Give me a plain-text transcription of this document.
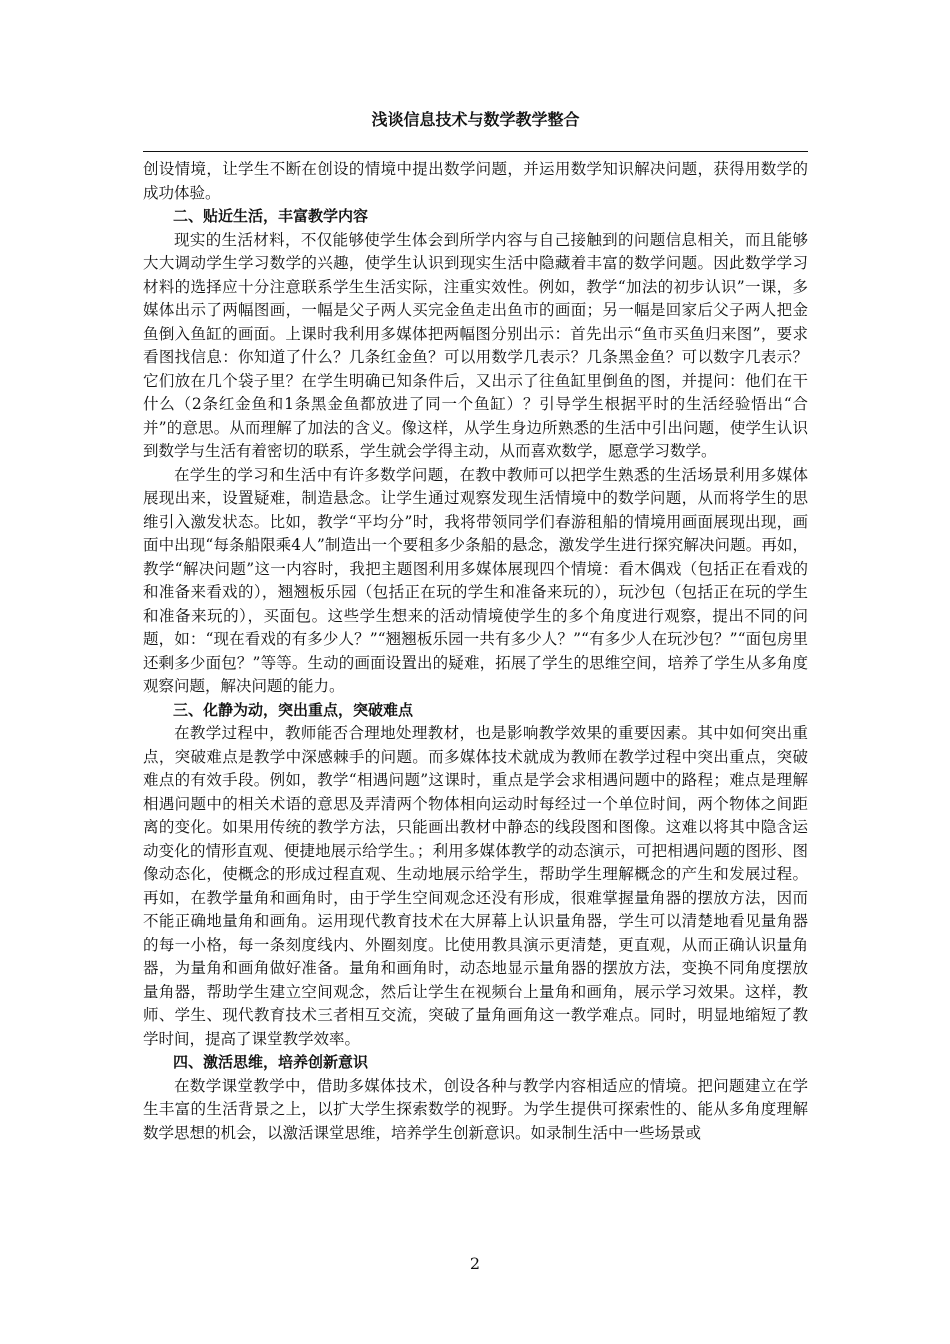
浅谈信息技术与数学教学整合

创设情境，让学生不断在创设的情境中提出数学问题，并运用数学知识解决问题，获得用数学的成功体验。

二、贴近生活，丰富教学内容

现实的生活材料，不仅能够使学生体会到所学内容与自己接触到的问题信息相关，而且能够大大调动学生学习数学的兴趣，使学生认识到现实生活中隐藏着丰富的数学问题。因此数学学习材料的选择应十分注意联系学生生活实际，注重实效性。例如，教学“加法的初步认识”一课，多媒体出示了两幅图画，一幅是父子两人买完金鱼走出鱼市的画面；另一幅是回家后父子两人把金鱼倒入鱼缸的画面。上课时我利用多媒体把两幅图分别出示：首先出示“鱼市买鱼归来图”，要求看图找信息：你知道了什么？几条红金鱼？可以用数学几表示？几条黑金鱼？可以数字几表示？它们放在几个袋子里？在学生明确已知条件后，又出示了往鱼缸里倒鱼的图，并提问：他们在干什么（2条红金鱼和1条黑金鱼都放进了同一个鱼缸）？引导学生根据平时的生活经验悟出“合并”的意思。从而理解了加法的含义。像这样，从学生身边所熟悉的生活中引出问题，使学生认识到数学与生活有着密切的联系，学生就会学得主动，从而喜欢数学，愿意学习数学。

在学生的学习和生活中有许多数学问题，在教中教师可以把学生熟悉的生活场景利用多媒体展现出来，设置疑难，制造悬念。让学生通过观察发现生活情境中的数学问题，从而将学生的思维引入激发状态。比如，教学“平均分”时，我将带领同学们春游租船的情境用画面展现出现，画面中出现“每条船限乘4人”制造出一个要租多少条船的悬念，激发学生进行探究解决问题。再如，教学“解决问题”这一内容时，我把主题图利用多媒体展现四个情境：看木偶戏（包括正在看戏的和准备来看戏的），翘翘板乐园（包括正在玩的学生和准备来玩的），玩沙包（包括正在玩的学生和准备来玩的），买面包。这些学生想来的活动情境使学生的多个角度进行观察，提出不同的问题，如：“现在看戏的有多少人？”“翘翘板乐园一共有多少人？”“有多少人在玩沙包？”“面包房里还剩多少面包？”等等。生动的画面设置出的疑难，拓展了学生的思维空间，培养了学生从多角度观察问题，解决问题的能力。

三、化静为动，突出重点，突破难点

在教学过程中，教师能否合理地处理教材，也是影响教学效果的重要因素。其中如何突出重点，突破难点是教学中深感棘手的问题。而多媒体技术就成为教师在教学过程中突出重点，突破难点的有效手段。例如，教学“相遇问题”这课时，重点是学会求相遇问题中的路程；难点是理解相遇问题中的相关术语的意思及弄清两个物体相向运动时每经过一个单位时间，两个物体之间距离的变化。如果用传统的教学方法，只能画出教材中静态的线段图和图像。这难以将其中隐含运动变化的情形直观、便捷地展示给学生。；利用多媒体教学的动态演示，可把相遇问题的图形、图像动态化，使概念的形成过程直观、生动地展示给学生，帮助学生理解概念的产生和发展过程。再如，在教学量角和画角时，由于学生空间观念还没有形成，很难掌握量角器的摆放方法，因而不能正确地量角和画角。运用现代教育技术在大屏幕上认识量角器，学生可以清楚地看见量角器的每一小格，每一条刻度线内、外圈刻度。比使用教具演示更清楚，更直观，从而正确认识量角器，为量角和画角做好准备。量角和画角时，动态地显示量角器的摆放方法，变换不同角度摆放量角器，帮助学生建立空间观念，然后让学生在视频台上量角和画角，展示学习效果。这样，教师、学生、现代教育技术三者相互交流，突破了量角画角这一教学难点。同时，明显地缩短了教学时间，提高了课堂教学效率。

四、激活思维，培养创新意识

在数学课堂教学中，借助多媒体技术，创设各种与教学内容相适应的情境。把问题建立在学生丰富的生活背景之上，以扩大学生探索数学的视野。为学生提供可探索性的、能从多角度理解数学思想的机会，以激活课堂思维，培养学生创新意识。如录制生活中一些场景或

2
